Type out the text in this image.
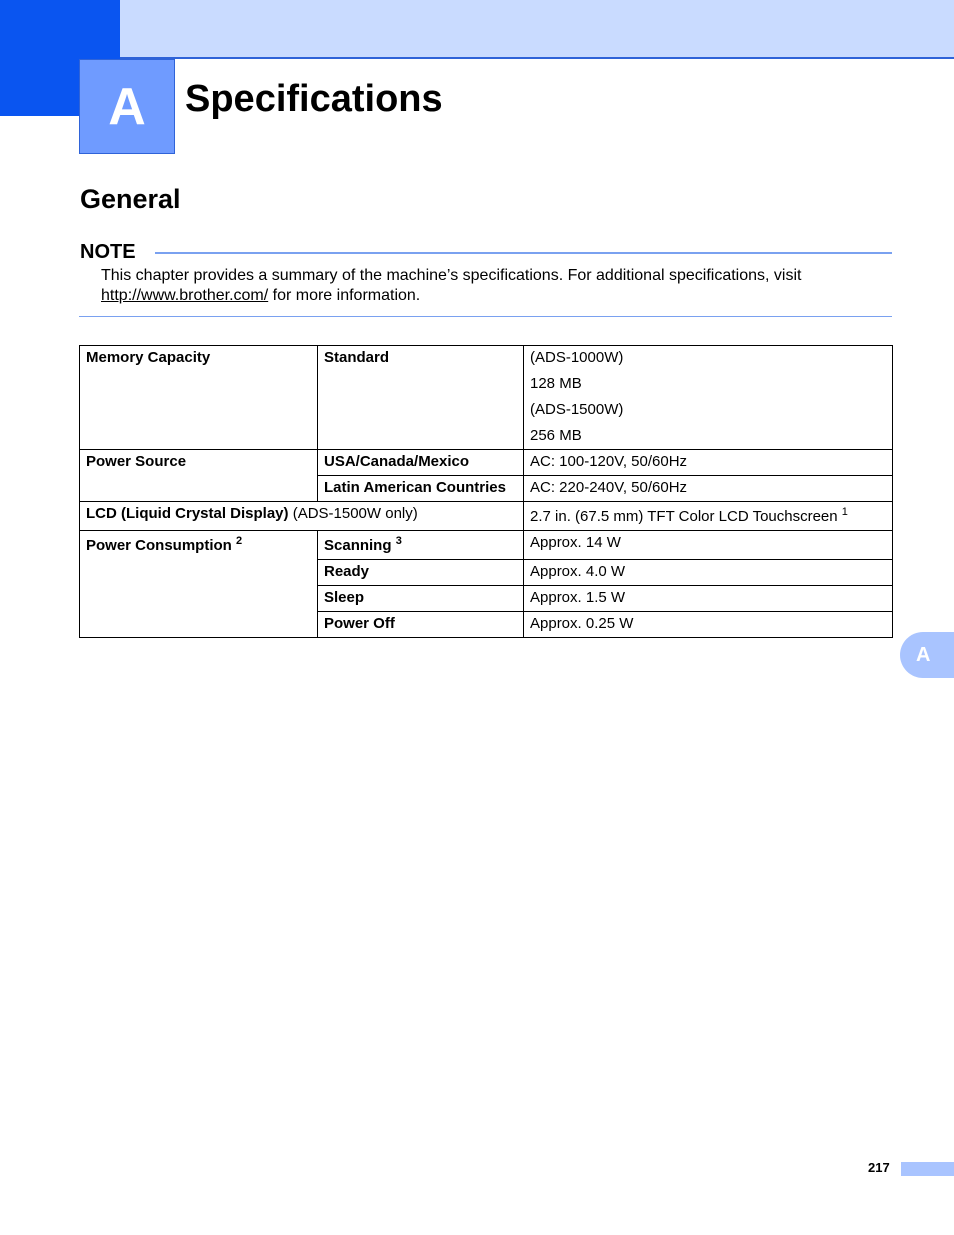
A	Specifications
General
NOTE
This chapter provides a summary of the machine’s specifications. For additional specifications, visit http://www.brother.com/ for more information.
Memory Capacity	Standard	(ADS-1000W)
128 MB
(ADS-1500W)
256 MB

Power Source	USA/Canada/Mexico	AC: 100-120V, 50/60Hz
	Latin American Countries	AC: 220-240V, 50/60Hz
LCD (Liquid Crystal Display) (ADS-1500W only)		2.7 in. (67.5 mm) TFT Color LCD Touchscreen $^1$
Power Consumption $^2$	Scanning $^3$	Approx. 14 W
	Ready	Approx. 4.0 W
	Sleep	Approx. 1.5 W
	Power Off	Approx. 0.25 W
A
217
